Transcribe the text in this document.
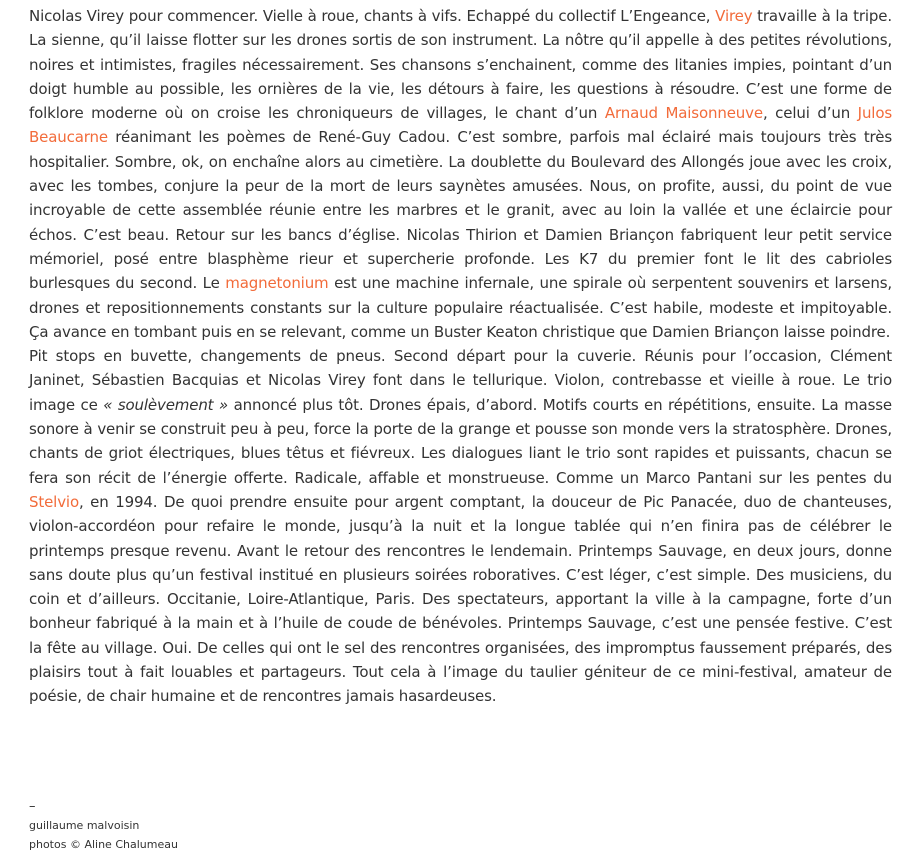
Nicolas Virey pour commencer. Vielle à roue, chants à vifs. Echappé du collectif L’Engeance, Virey travaille à la tripe. La sienne, qu’il laisse flotter sur les drones sortis de son instrument. La nôtre qu’il appelle à des petites révolutions, noires et intimistes, fragiles nécessairement. Ses chansons s’enchainent, comme des litanies impies, pointant d’un doigt humble au possible, les ornières de la vie, les détours à faire, les questions à résoudre. C’est une forme de folklore moderne où on croise les chroniqueurs de villages, le chant d’un Arnaud Maisonneuve, celui d’un Julos Beaucarne réanimant les poèmes de René-Guy Cadou. C’est sombre, parfois mal éclairé mais toujours très très hospitalier. Sombre, ok, on enchaîne alors au cimetière. La doublette du Boulevard des Allongés joue avec les croix, avec les tombes, conjure la peur de la mort de leurs saynètes amusées. Nous, on profite, aussi, du point de vue incroyable de cette assemblée réunie entre les marbres et le granit, avec au loin la vallée et une éclaircie pour échos. C’est beau. Retour sur les bancs d’église. Nicolas Thirion et Damien Briançon fabriquent leur petit service mémoriel, posé entre blasphème rieur et supercherie profonde. Les K7 du premier font le lit des cabrioles burlesques du second. Le magnetonium est une machine infernale, une spirale où serpentent souvenirs et larsens, drones et repositionnements constants sur la culture populaire réactualisée. C’est habile, modeste et impitoyable. Ça avance en tombant puis en se relevant, comme un Buster Keaton christique que Damien Briançon laisse poindre.

Pit stops en buvette, changements de pneus. Second départ pour la cuverie. Réunis pour l’occasion, Clément Janinet, Sébastien Bacquias et Nicolas Virey font dans le tellurique. Violon, contrebasse et vieille à roue. Le trio image ce « soulèvement » annoncé plus tôt. Drones épais, d’abord. Motifs courts en répétitions, ensuite. La masse sonore à venir se construit peu à peu, force la porte de la grange et pousse son monde vers la stratosphère. Drones, chants de griot électriques, blues têtus et fiévreux. Les dialogues liant le trio sont rapides et puissants, chacun se fera son récit de l’énergie offerte. Radicale, affable et monstrueuse. Comme un Marco Pantani sur les pentes du Stelvio, en 1994. De quoi prendre ensuite pour argent comptant, la douceur de Pic Panacée, duo de chanteuses, violon-accordéon pour refaire le monde, jusqu’à la nuit et la longue tablée qui n’en finira pas de célébrer le printemps presque revenu. Avant le retour des rencontres le lendemain. Printemps Sauvage, en deux jours, donne sans doute plus qu’un festival institué en plusieurs soirées roboratives. C’est léger, c’est simple. Des musiciens, du coin et d’ailleurs. Occitanie, Loire-Atlantique, Paris. Des spectateurs, apportant la ville à la campagne, forte d’un bonheur fabriqué à la main et à l’huile de coude de bénévoles. Printemps Sauvage, c’est une pensée festive. C’est la fête au village. Oui. De celles qui ont le sel des rencontres organisées, des impromptus faussement préparés, des plaisirs tout à fait louables et partageurs. Tout cela à l’image du taulier géniteur de ce mini-festival, amateur de poésie, de chair humaine et de rencontres jamais hasardeuses.

–
guillaume malvoisin
photos © Aline Chalumeau
